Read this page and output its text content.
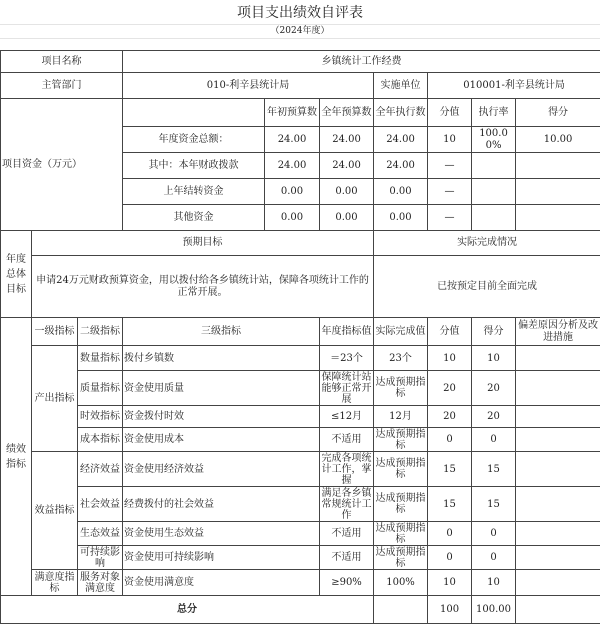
项目支出绩效自评表
（2024年度）
项目名称			乡镇统计工作经费						
主管部门			010-利辛县统计局			实施单位	010001-利辛县统计局		
项目资金（万元）				年初预算数	全年预算数	全年执行数	分值	执行率	得分
			年度资金总额：	24.00	24.00	24.00	10	100.00%	10.00
			其中：本年财政拨款	24.00	24.00	24.00	—		
			上年结转资金	0.00	0.00	0.00	—		
			其他资金	0.00	0.00	0.00	—		
年度总体目标	预期目标					实际完成情况			
	申请24万元财政预算资金，用以拨付给各乡镇统计站，保障各项统计工作的正常开展。					已按预定目前全面完成			
绩效指标	一级指标	二级指标	三级指标		年度指标值	实际完成值	分值	得分	偏差原因分析及改进措施
	产出指标	数量指标	拨付乡镇数		＝23个	23个	10	10	
		质量指标	资金使用质量		保障统计站能够正常开展	达成预期指标	20	20	
		时效指标	资金拨付时效		≤12月	12月	20	20	
		成本指标	资金使用成本		不适用	达成预期指标	0	0	
	效益指标	经济效益	资金使用经济效益		完成各项统计工作，掌握	达成预期指标	15	15	
		社会效益	经费拨付的社会效益		满足各乡镇常规统计工作	达成预期指标	15	15	
		生态效益	资金使用生态效益		不适用	达成预期指标	0	0	
		可持续影响	资金使用可持续影响		不适用	达成预期指标	0	0	
	满意度指标	服务对象满意度	资金使用满意度		≥90%	100%	10	10	
总分							100	100.00	
